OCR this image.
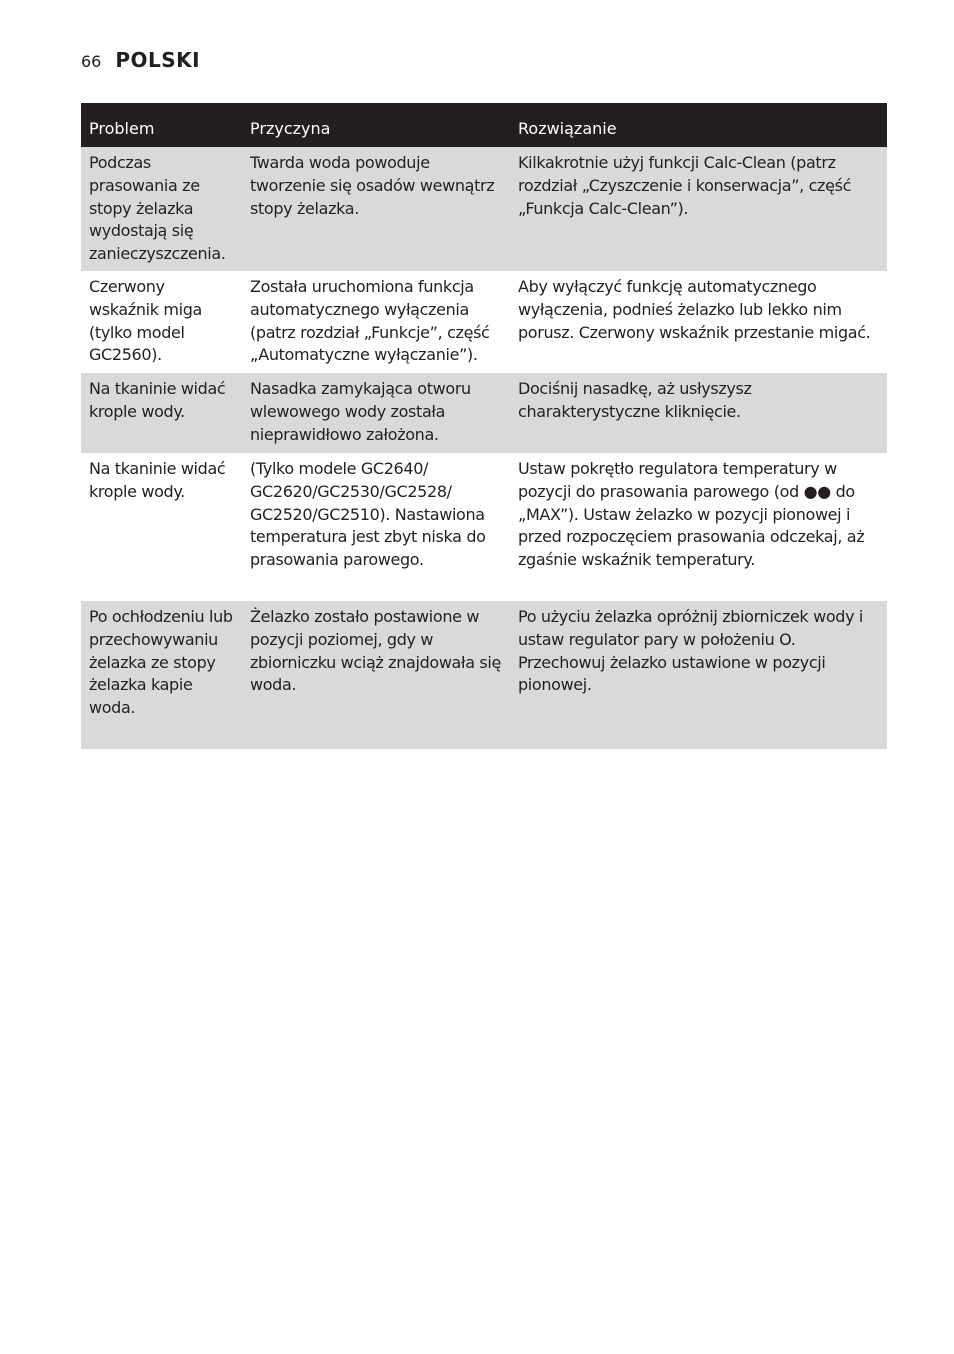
66 POLSKI
Problem	Przyczyna	Rozwiązanie
Podczas prasowania ze stopy żelazka wydostają się zanieczyszczenia.	Twarda woda powoduje tworzenie się osadów wewnątrz stopy żelazka.	Kilkakrotnie użyj funkcji Calc-Clean (patrz rozdział „Czyszczenie i konserwacja”, część „Funkcja Calc-Clean”).
Czerwony wskaźnik miga (tylko model GC2560).	Została uruchomiona funkcja automatycznego wyłączenia (patrz rozdział „Funkcje”, część „Automatyczne wyłączanie”).	Aby wyłączyć funkcję automatycznego wyłączenia, podnieś żelazko lub lekko nim porusz. Czerwony wskaźnik przestanie migać.
Na tkaninie widać krople wody.	Nasadka zamykająca otworu wlewowego wody została nieprawidłowo założona.	Dociśnij nasadkę, aż usłyszysz charakterystyczne kliknięcie.
Na tkaninie widać krople wody.	(Tylko modele GC2640/ GC2620/GC2530/GC2528/ GC2520/GC2510). Nastawiona temperatura jest zbyt niska do prasowania parowego.	Ustaw pokrętło regulatora temperatury w pozycji do prasowania parowego (od ●● do „MAX”). Ustaw żelazko w pozycji pionowej i przed rozpoczęciem prasowania odczekaj, aż zgaśnie wskaźnik temperatury.
Po ochłodzeniu lub przechowywaniu żelazka ze stopy żelazka kapie woda.	Żelazko zostało postawione w pozycji poziomej, gdy w zbiorniczku wciąż znajdowała się woda.	Po użyciu żelazka opróżnij zbiorniczek wody i ustaw regulator pary w położeniu O. Przechowuj żelazko ustawione w pozycji pionowej.
